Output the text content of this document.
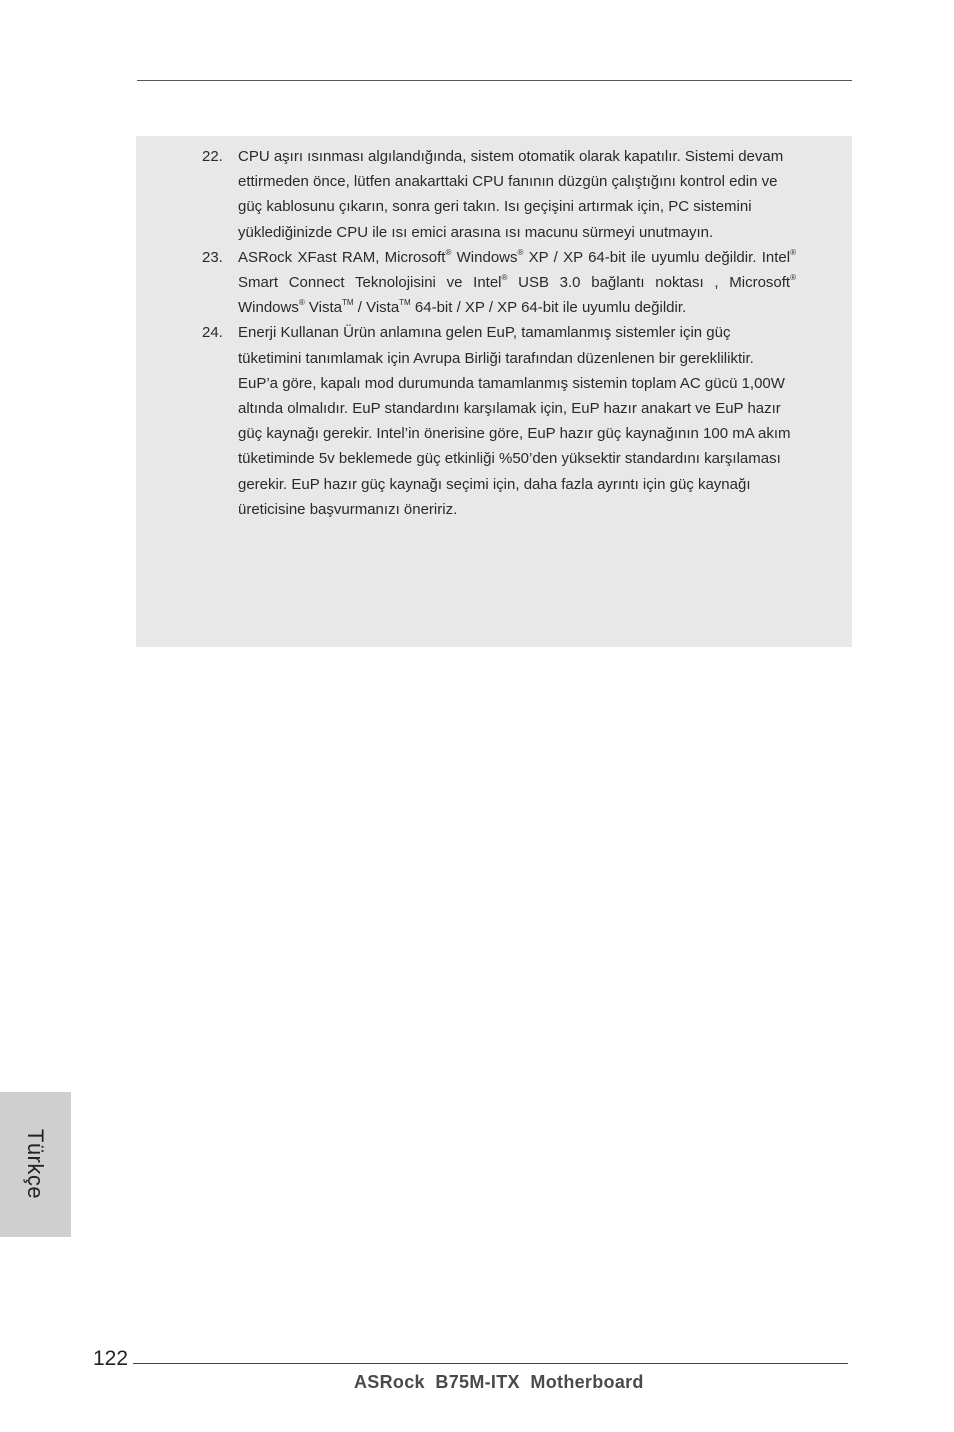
22. CPU aşırı ısınması algılandığında, sistem otomatik olarak kapatılır. Sistemi devam ettirmeden önce, lütfen anakarttaki CPU fanının düzgün çalıştığını kontrol edin ve güç kablosunu çıkarın, sonra geri takın. Isı geçişini artırmak için, PC sistemini yüklediğinizde CPU ile ısı emici arasına ısı macunu sürmeyi unutmayın.
23. ASRock XFast RAM, Microsoft® Windows® XP / XP 64-bit ile uyumlu değildir. Intel® Smart Connect Teknolojisini ve Intel® USB 3.0 bağlantı noktası , Microsoft® Windows® Vista™ / Vista™ 64-bit / XP / XP 64-bit ile uyumlu değildir.
24. Enerji Kullanan Ürün anlamına gelen EuP, tamamlanmış sistemler için güç tüketimini tanımlamak için Avrupa Birliği tarafından düzenlenen bir gerekliliktir. EuP’a göre, kapalı mod durumunda tamamlanmış sistemin toplam AC gücü 1,00W altında olmalıdır. EuP standardını karşılamak için, EuP hazır anakart ve EuP hazır güç kaynağı gerekir. Intel’in önerisine göre, EuP hazır güç kaynağının 100 mA akım tüketiminde 5v beklemede güç etkinliği %50’den yüksektir standardını karşılaması gerekir. EuP hazır güç kaynağı seçimi için, daha fazla ayrıntı için güç kaynağı üreticisine başvurmanızı öneririz.
Türkçe
122
ASRock  B75M-ITX  Motherboard
